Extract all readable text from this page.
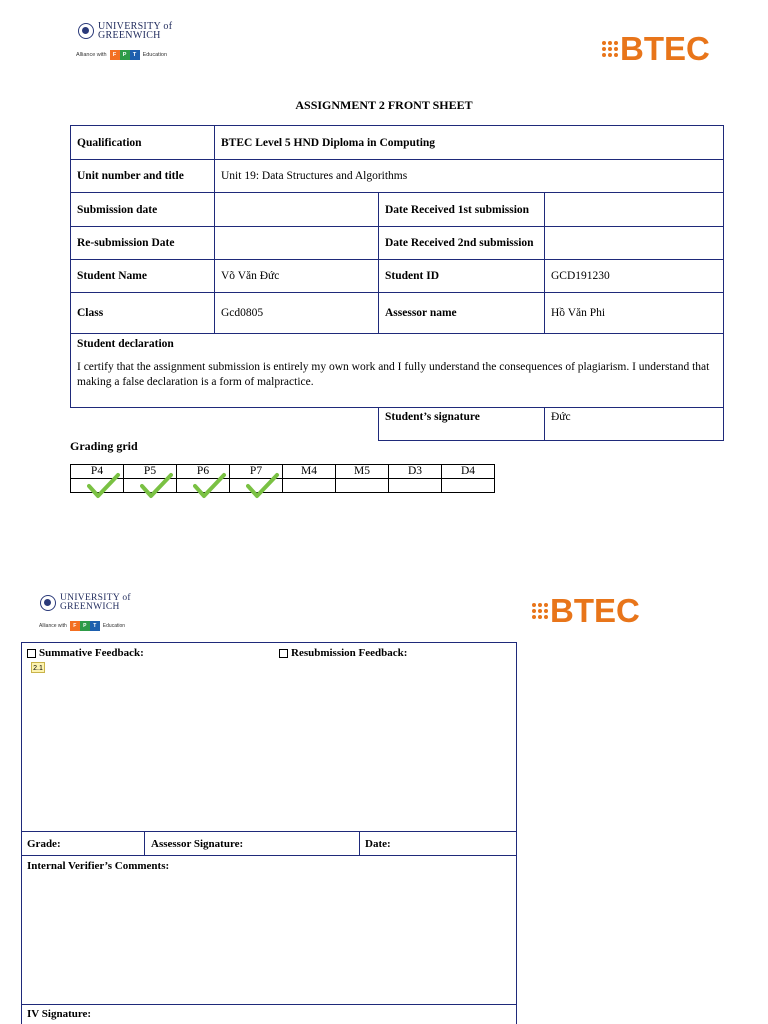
UNIVERSITY of
GREENWICH
Alliance with	F	P	T	Education	BTEC
ASSIGNMENT 2 FRONT SHEET
Qualification	BTEC Level 5 HND Diploma in Computing		
Unit number and title	Unit 19: Data Structures and Algorithms		
Submission date		Date Received 1st submission	
Re-submission Date		Date Received 2nd submission	
Student Name	Võ Văn Đức	Student ID	GCD191230
Class	Gcd0805	Assessor name	Hồ Văn Phi

Student declaration
I certify that the assignment submission is entirely my own work and I fully understand the consequences of plagiarism. I understand that making a false declaration is a form of malpractice.			

		Student’s signature	Đức
Grading grid
P4	P5	P6	P7	M4	M5	D3	D4

UNIVERSITY of
GREENWICH
Alliance with	F	P	T	Education	BTEC
Summative Feedback:	Resubmission Feedback:
2.1
Grade:	Assessor Signature:	Date:
Internal Verifier’s Comments:
IV Signature:
